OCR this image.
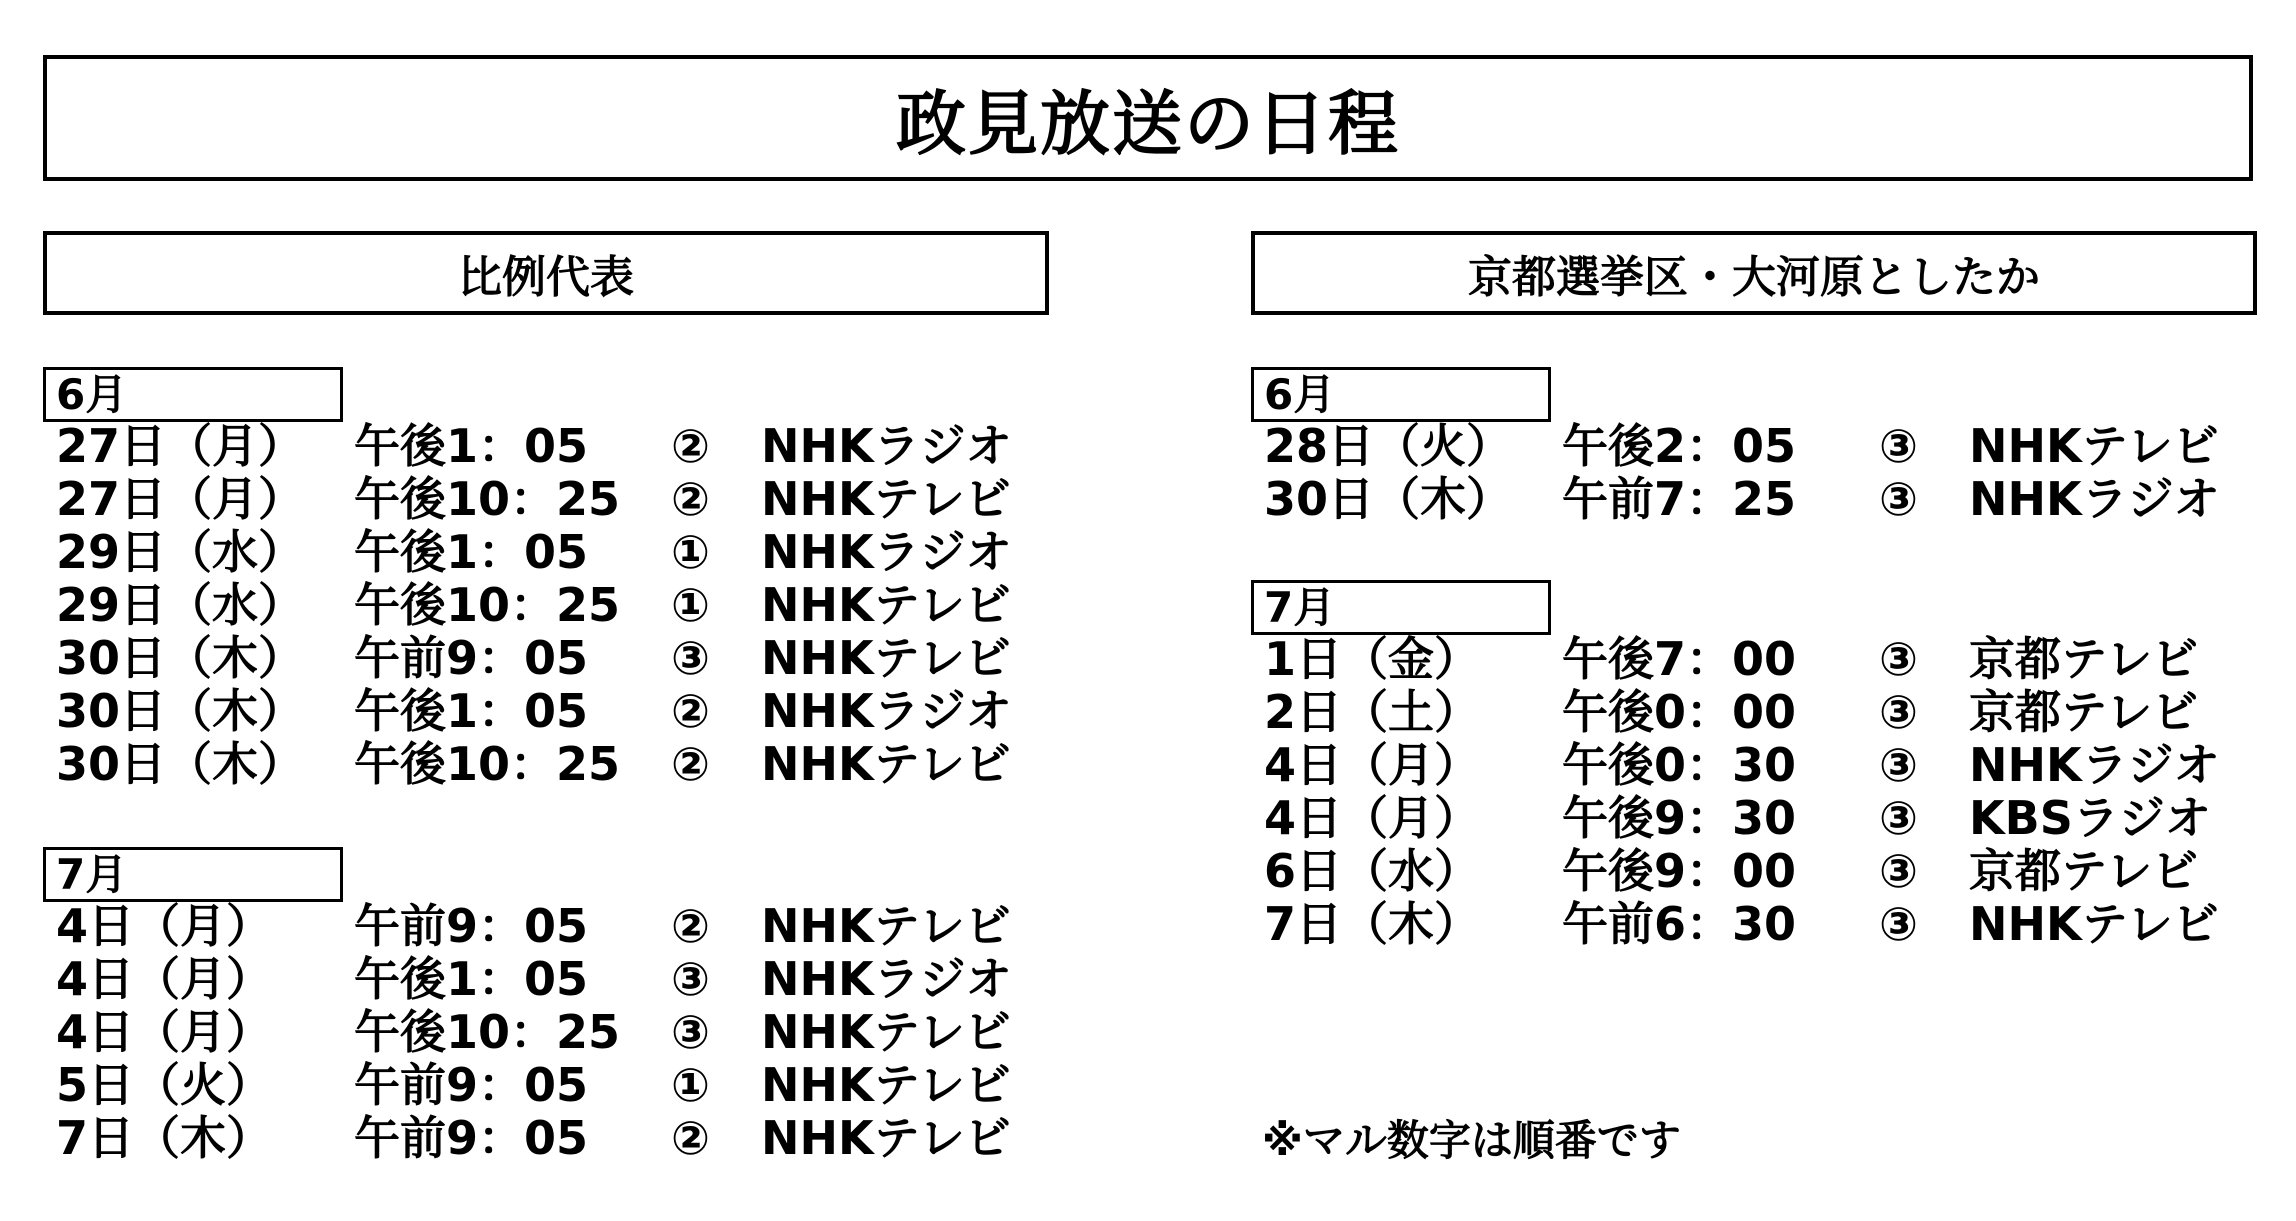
政見放送の日程
比例代表	京都選挙区・大河原としたか
6月
27日（月） 午後1：05 ② NHKラジオ
27日（月） 午後10：25 ② NHKテレビ
29日（水） 午後1：05 ① NHKラジオ
29日（水） 午後10：25 ① NHKテレビ
30日（木） 午前9：05 ③ NHKテレビ
30日（木） 午後1：05 ② NHKラジオ
30日（木） 午後10：25 ② NHKテレビ
7月
4日（月） 午前9：05 ② NHKテレビ
4日（月） 午後1：05 ③ NHKラジオ
4日（月） 午後10：25 ③ NHKテレビ
5日（火） 午前9：05 ① NHKテレビ
7日（木） 午前9：05 ② NHKテレビ
6月
28日（火） 午後2：05 ③ NHKテレビ
30日（木） 午前7：25 ③ NHKラジオ
7月
1日（金） 午後7：00 ③ 京都テレビ
2日（土） 午後0：00 ③ 京都テレビ
4日（月） 午後0：30 ③ NHKラジオ
4日（月） 午後9：30 ③ KBSラジオ
6日（水） 午後9：00 ③ 京都テレビ
7日（木） 午前6：30 ③ NHKテレビ
※マル数字は順番です
